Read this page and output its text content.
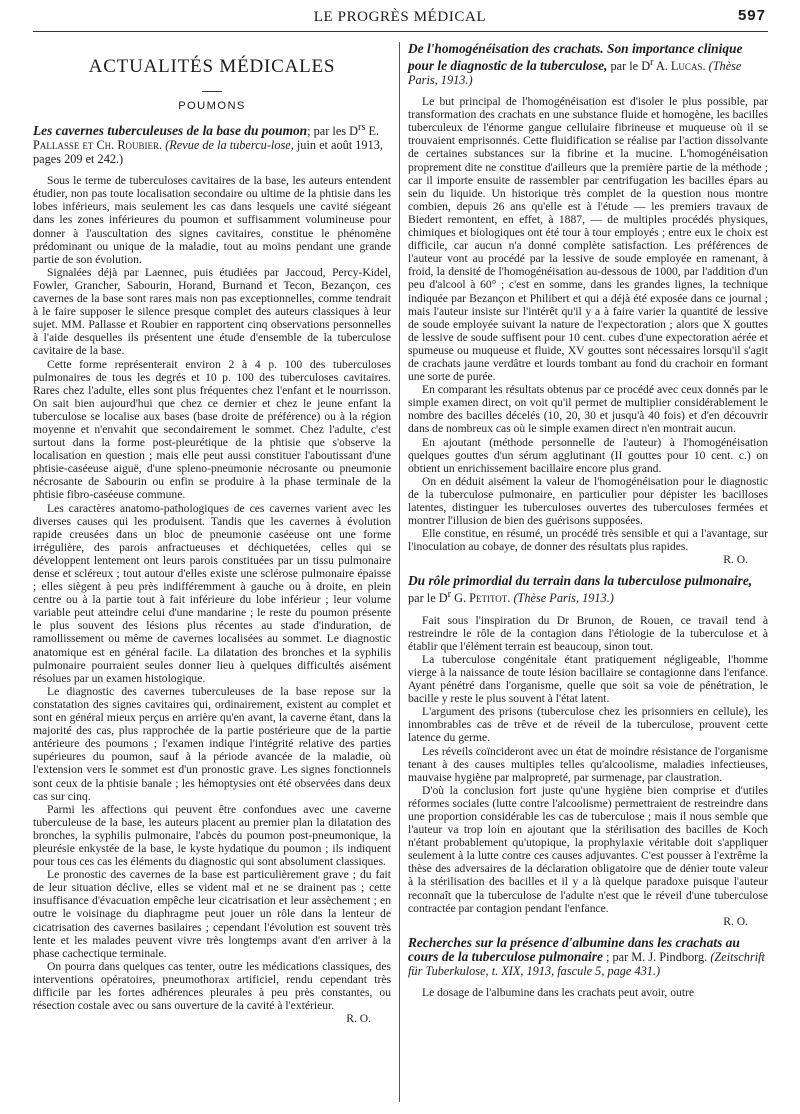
LE PROGRÈS MÉDICAL	597
ACTUALITÉS MÉDICALES
POUMONS
Les cavernes tuberculeuses de la base du poumon; par les $D^{rs}$ E. Pallasse et Ch. Roubier. (Revue de la tubercu-lose, juin et août 1913, pages 209 et 242.)

Sous le terme de tuberculoses cavitaires de la base, les auteurs entendent étudier, non pas toute localisation secondaire ou ultime de la phtisie dans les lobes inférieurs, mais seulement les cas dans lesquels une cavité siégeant dans les zones inférieures du poumon et suffisamment volumineuse pour donner à l'auscultation des signes cavitaires, constitue le phénomène prédominant ou unique de la maladie, tout au moins pendant une grande partie de son évolution.

Signalées déjà par Laennec, puis étudiées par Jaccoud, Percy-Kidel, Fowler, Grancher, Sabourin, Horand, Burnand et Tecon, Bezançon, ces cavernes de la base sont rares mais non pas exceptionnelles, comme tendrait à le faire supposer le silence presque complet des auteurs classiques à leur sujet. MM. Pallasse et Roubier en rapportent cinq observations personnelles à l'aide desquelles ils présentent une étude d'ensemble de la tuberculose cavitaire de la base.

Cette forme représenterait environ 2 à 4 p. 100 des tuberculoses pulmonaires de tous les degrés et 10 p. 100 des tuberculoses cavitaires. Rares chez l'adulte, elles sont plus fréquentes chez l'enfant et le nourrisson. On sait bien aujourd'hui que chez ce dernier et chez le jeune enfant la tuberculose se localise aux bases (base droite de préférence) ou à la région moyenne et n'envahit que secondairement le sommet. Chez l'adulte, c'est surtout dans la forme post-pleurétique de la phtisie que s'observe la localisation en question ; mais elle peut aussi constituer l'aboutissant d'une phtisie-caséeuse aiguë, d'une spleno-pneumonie nécrosante ou pneumonie nécrosante de Sabourin ou enfin se produire à la phase terminale de la phtisie fibro-caséeuse commune.

Les caractères anatomo-pathologiques de ces cavernes varient avec les diverses causes qui les produisent. Tandis que les cavernes à évolution rapide creusées dans un bloc de pneumonie caséeuse ont une forme irrégulière, des parois anfractueuses et déchiquetées, celles qui se développent lentement ont leurs parois constituées par un tissu pulmonaire dense et scléreux ; tout autour d'elles existe une sclérose pulmonaire épaisse ; elles siègent à peu près indifféremment à gauche ou à droite, en plein centre ou à la partie tout à fait inférieure du lobe inférieur ; leur volume variable peut atteindre celui d'une mandarine ; le reste du poumon présente le plus souvent des lésions plus récentes au stade d'induration, de ramollissement ou même de cavernes localisées au sommet. Le diagnostic anatomique est en général facile. La dilatation des bronches et la syphilis pulmonaire pourraient seules donner lieu à quelques difficultés aisément résolues par un examen histologique.

Le diagnostic des cavernes tuberculeuses de la base repose sur la constatation des signes cavitaires qui, ordinairement, existent au complet et sont en général mieux perçus en arrière qu'en avant, la caverne étant, dans la majorité des cas, plus rapprochée de la partie postérieure que de la partie antérieure des poumons ; l'examen indique l'intégrité relative des parties supérieures du poumon, sauf à la période avancée de la maladie, où l'extension vers le sommet est d'un pronostic grave. Les signes fonctionnels sont ceux de la phtisie banale ; les hémoptysies ont été observées dans deux cas sur cinq.

Parmi les affections qui peuvent être confondues avec une caverne tuberculeuse de la base, les auteurs placent au premier plan la dilatation des bronches, la syphilis pulmonaire, l'abcès du poumon post-pneumonique, la pleurésie enkystée de la base, le kyste hydatique du poumon ; ils indiquent pour tous ces cas les éléments du diagnostic qui sont absolument classiques.

Le pronostic des cavernes de la base est particulièrement grave ; du fait de leur situation déclive, elles se vident mal et ne se drainent pas ; cette insuffisance d'évacuation empêche leur cicatrisation et leur assèchement ; en outre le voisinage du diaphragme peut jouer un rôle dans la lenteur de cicatrisation des cavernes basilaires ; cependant l'évolution est souvent très lente et les malades peuvent vivre très longtemps avant d'en arriver à la phase cachectique terminale.

On pourra dans quelques cas tenter, outre les médications classiques, des interventions opératoires, pneumothorax artificiel, rendu cependant très difficile par les fortes adhérences pleurales à peu près constantes, ou résection costale avec ou sans ouverture de la cavité à l'extérieur.

R. O.
De l'homogénéisation des crachats. Son importance clinique pour le diagnostic de la tuberculose, par le $D^r$ A. Lucas. (Thèse Paris, 1913.)

Le but principal de l'homogénéisation est d'isoler le plus possible, par transformation des crachats en une substance fluide et homogène, les bacilles tuberculeux de l'énorme gangue cellulaire fibrineuse et muqueuse où il se trouvaient emprisonnés. Cette fluidification se réalise par l'action dissolvante de certaines substances sur la fibrine et la mucine. L'homogénéisation proprement dite ne constitue d'ailleurs que la première partie de la méthode ; car il importe ensuite de rassembler par centrifugation les bacilles épars au sein du liquide. Un historique très complet de la question nous montre combien, depuis 26 ans qu'elle est à l'étude — les premiers travaux de Biedert remontent, en effet, à 1887, — de multiples procédés physiques, chimiques et biologiques ont été tour à tour employés ; entre eux le choix est difficile, car aucun n'a donné complète satisfaction. Les préférences de l'auteur vont au procédé par la lessive de soude employée en ramenant, à froid, la densité de l'homogénéisation au-dessous de 1000, par l'addition d'un peu d'alcool à 60° ; c'est en somme, dans les grandes lignes, la technique indiquée par Bezançon et Philibert et qui a déjà été exposée dans ce journal ; mais l'auteur insiste sur l'intérêt qu'il y a à faire varier la quantité de lessive de soude employée suivant la nature de l'expectoration ; alors que X gouttes de lessive de soude suffisent pour 10 cent. cubes d'une expectoration aérée et spumeuse ou muqueuse et fluide, XV gouttes sont nécessaires lorsqu'il s'agit de crachats jaune verdâtre et lourds tombant au fond du crachoir en formant une sorte de purée.

En comparant les résultats obtenus par ce procédé avec ceux donnés par le simple examen direct, on voit qu'il permet de multiplier considérablement le nombre des bacilles décelés (10, 20, 30 et jusqu'à 40 fois) et d'en découvrir dans de nombreux cas où le simple examen direct n'en montrait aucun.

En ajoutant (méthode personnelle de l'auteur) à l'homogénéisation quelques gouttes d'un sérum agglutinant (II gouttes pour 10 cent. c.) on obtient un enrichissement bacillaire encore plus grand.

On en déduit aisément la valeur de l'homogénéisation pour le diagnostic de la tuberculose pulmonaire, en particulier pour dépister les bacilloses latentes, distinguer les tuberculoses ouvertes des tuberculoses fermées et montrer l'illusion de bien des guérisons supposées.

Elle constitue, en résumé, un procédé très sensible et qui a l'avantage, sur l'inoculation au cobaye, de donner des résultats plus rapides.

R. O.
Du rôle primordial du terrain dans la tuberculose pulmonaire, par le $D^r$ G. Petitot. (Thèse Paris, 1913.)

Fait sous l'inspiration du Dr Brunon, de Rouen, ce travail tend à restreindre le rôle de la contagion dans l'étiologie de la tuberculose et à établir que l'élément terrain est beaucoup, sinon tout.

La tuberculose congénitale étant pratiquement négligeable, l'homme vierge à la naissance de toute lésion bacillaire se contagionne dans l'enfance. Ayant pénétré dans l'organisme, quelle que soit sa voie de pénétration, le bacille y reste le plus souvent à l'état latent.

L'argument des prisons (tuberculose chez les prisonniers en cellule), les innombrables cas de trêve et de réveil de la tuberculose, prouvent cette latence du germe.

Les réveils coïncideront avec un état de moindre résistance de l'organisme tenant à des causes multiples telles qu'alcoolisme, maladies infectieuses, mauvaise hygiène par malpropreté, par surmenage, par claustration.

D'où la conclusion fort juste qu'une hygiène bien comprise et d'utiles réformes sociales (lutte contre l'alcoolisme) permettraient de restreindre dans une proportion considérable les cas de tuberculose ; mais il nous semble que l'auteur va trop loin en ajoutant que la stérilisation des bacilles de Koch n'étant probablement qu'utopique, la prophylaxie véritable doit s'appliquer seulement à la lutte contre ces causes adjuvantes. C'est pousser à l'extrême la thèse des adversaires de la déclaration obligatoire que de dénier toute valeur à la stérilisation des bacilles et il y a là quelque paradoxe puisque l'auteur reconnaît que la tuberculose de l'adulte n'est que le réveil d'une tuberculose contractée par contagion pendant l'enfance.

R. O.
Recherches sur la présence d'albumine dans les crachats au cours de la tuberculose pulmonaire ; par M. J. Pindborg. (Zeitschrift für Tuberkulose, t. XIX, 1913, fascule 5, page 431.)

Le dosage de l'albumine dans les crachats peut avoir, outre
